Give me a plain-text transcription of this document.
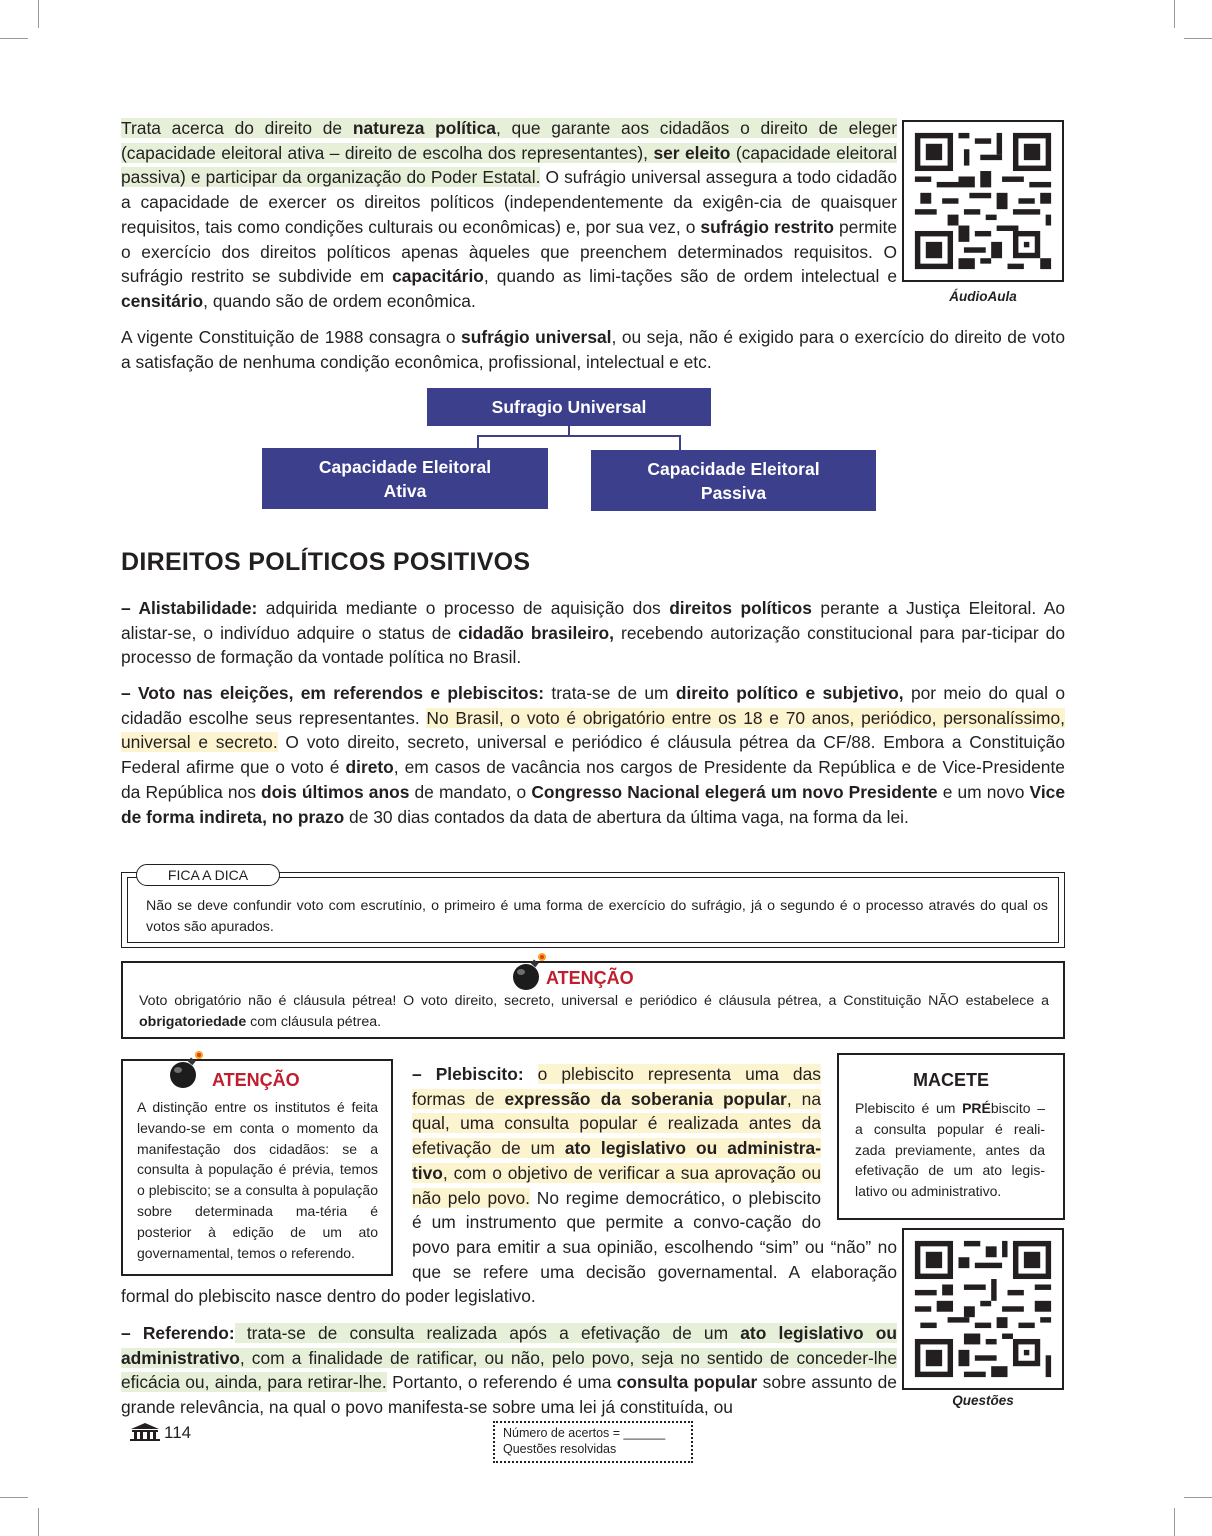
Trata acerca do direito de natureza política, que garante aos cidadãos o direito de eleger (capacidade eleitoral ativa – direito de escolha dos representantes), ser eleito (capacidade eleitoral passiva) e participar da organização do Poder Estatal. O sufrágio universal assegura a todo cidadão a capacidade de exercer os direitos políticos (independentemente da exigên-cia de quaisquer requisitos, tais como condições culturais ou econômicas) e, por sua vez, o sufrágio restrito permite o exercício dos direitos políticos apenas àqueles que preenchem determinados requisitos. O sufrágio restrito se subdivide em capacitário, quando as limi-tações são de ordem intelectual e censitário, quando são de ordem econômica.	ÁudioAula
A vigente Constituição de 1988 consagra o sufrágio universal, ou seja, não é exigido para o exercício do direito de voto a satisfação de nenhuma condição econômica, profissional, intelectual e etc.
Sufragio Universal
Capacidade Eleitoral
Ativa
Capacidade Eleitoral
Passiva
DIREITOS POLÍTICOS POSITIVOS
– Alistabilidade: adquirida mediante o processo de aquisição dos direitos políticos perante a Justiça Eleitoral. Ao alistar-se, o indivíduo adquire o status de cidadão brasileiro, recebendo autorização constitucional para par-ticipar do processo de formação da vontade política no Brasil.
– Voto nas eleições, em referendos e plebiscitos: trata-se de um direito político e subjetivo, por meio do qual o cidadão escolhe seus representantes. No Brasil, o voto é obrigatório entre os 18 e 70 anos, periódico, personalíssimo, universal e secreto. O voto direito, secreto, universal e periódico é cláusula pétrea da CF/88. Embora a Constituição Federal afirme que o voto é direto, em casos de vacância nos cargos de Presidente da República e de Vice-Presidente da República nos dois últimos anos de mandato, o Congresso Nacional elegerá um novo Presidente e um novo Vice de forma indireta, no prazo de 30 dias contados da data de abertura da última vaga, na forma da lei.
FICA A DICA
Não se deve confundir voto com escrutínio, o primeiro é uma forma de exercício do sufrágio, já o segundo é o processo através do qual os votos são apurados.
ATENÇÃO
Voto obrigatório não é cláusula pétrea! O voto direito, secreto, universal e periódico é cláusula pétrea, a Constituição NÃO estabelece a obrigatoriedade com cláusula pétrea.
ATENÇÃO
A distinção entre os institutos é feita levando-se em conta o momento da manifestação dos cidadãos: se a consulta à população é prévia, temos o plebiscito; se a consulta à população sobre determinada ma-téria é posterior à edição de um ato governamental, temos o referendo.
– Plebiscito: o plebiscito representa uma das formas de expressão da soberania popular, na qual, uma consulta popular é realizada antes da efetivação de um ato legislativo ou administra-tivo, com o objetivo de verificar a sua aprovação ou não pelo povo. No regime democrático, o plebiscito é um instrumento que permite a convo-cação do povo para emitir a sua opinião, escolhendo “sim” ou “não” no que se refere uma decisão governamental. A elaboração formal do plebiscito nasce dentro do poder legislativo.
MACETE
Plebiscito é um PRÉbiscito – a consulta popular é reali-zada previamente, antes da efetivação de um ato legis-lativo ou administrativo.
Questões
– Referendo: trata-se de consulta realizada após a efetivação de um ato legislativo ou administrativo, com a finalidade de ratificar, ou não, pelo povo, seja no sentido de conceder-lhe eficácia ou, ainda, para retirar-lhe. Portanto, o referendo é uma consulta popular sobre assunto de grande relevância, na qual o povo manifesta-se sobre uma lei já constituída, ou
114	Número de acertos = ______
Questões resolvidas
